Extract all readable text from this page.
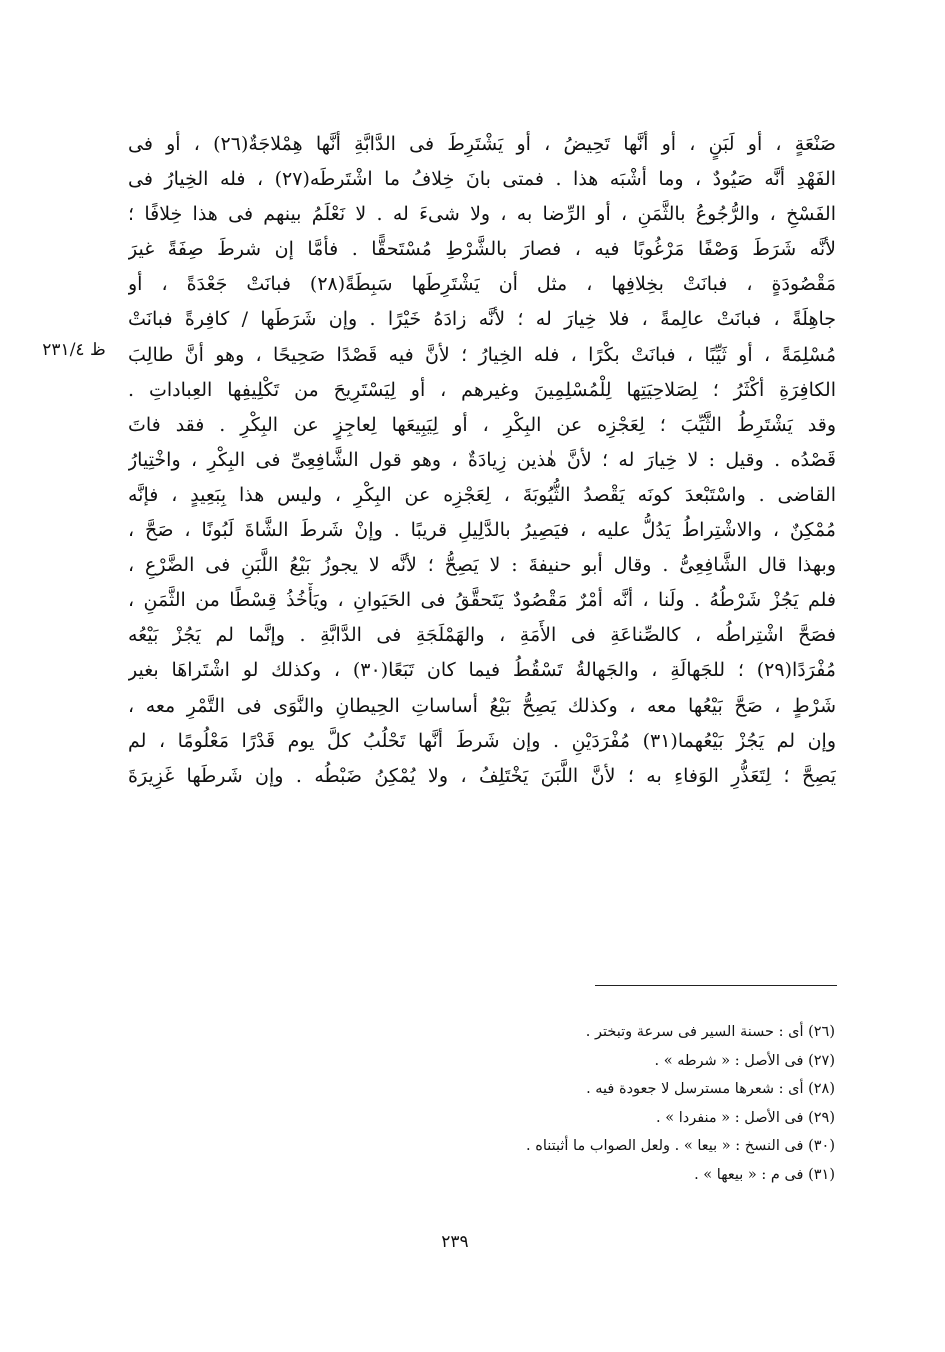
صَنْعَةٍ ، أو لَبَنٍ ، أو أنَّها تَحِيضُ ، أو يَشْتَرِطَ فى الدَّابَّةِ أنَّها هِمْلاجَةٌ(٢٦) ، أو فى
الفَهْدِ أنَّه صَيُودٌ ، وما أشْبَه هذا . فمتى بانَ خِلافُ ما اشْتَرطَه(٢٧) ، فله الخِيارُ فى
الفَسْخِ ، والرُّجُوعُ بالثَّمَنِ ، أو الرِّضا به ، ولا شىءَ له . لا نَعْلَمُ بينهم فى هذا خِلافًا ؛
لأنَّه شَرَطَ وَصْفًا مَرْغُوبًا فيه ، فصارَ بالشَّرْطِ مُسْتَحقًّا . فأمَّا إن شرطَ صِفَةً غيرَ
مَقْصُودَةٍ ، فبانَتْ بخِلافِها ، مثل أن يَشْتَرِطَها سَبِطَةً(٢٨) فبانَتْ جَعْدَةً ، أو
جاهِلَةً ، فبانَتْ عالِمةً ، فلا خِيارَ له ؛ لأنَّه زادَهُ خَيْرًا . وإن شَرَطَها / كافِرةً فبانَتْ
مُسْلِمَةً ، أو ثَيِّبًا ، فبانَتْ بكْرًا ، فله الخِيارُ ؛ لأنَّ فيه قَصْدًا صَحِيحًا ، وهو أنَّ طالِبَ
الكافِرَةِ أكْثَرُ ؛ لِصَلاحِيَتِها لِلْمُسْلِمِينَ وغيرهم ، أو لِيَسْتَرِيحَ من تَكْلِيفِها العِباداتِ .
وقد يَشْتَرِطُ الثَّيِّبَ ؛ لِعَجْزِه عن البِكْرِ ، أو لِيَبِيعَها لِعاجِزٍ عن البِكْرِ . فقد فاتَ
قَصْدُه . وقيل : لا خِيارَ له ؛ لأنَّ هٰذين زِيادَةٌ ، وهو قول الشَّافِعِىِّ فى البِكْرِ ، واخْتِيارُ
القاضى . واسْتَبْعدَ كونَه يَقْصدُ الثُّيُوبَةَ ، لِعَجْزِه عن البِكْرِ ، وليس هذا بِبَعِيدٍ ، فإنَّه
مُمْكِنٌ ، والاشْتِراطُ يَدُلُّ عليه ، فيَصِيرُ بالدَّلِيلِ قريبًا . وإنْ شَرطَ الشَّاةَ لَبُونًا ، صَحَّ ،
وبهذا قال الشَّافِعِىُّ . وقال أبو حنيفةَ : لا يَصِحُّ ؛ لأنَّه لا يجوزُ بَيْعُ اللَّبَنِ فى الضَّرْعِ ،
فلم يَجُزْ شَرْطُهُ . ولَنا ، أنَّه أمْرٌ مَقْصُودٌ يَتَحقَّقُ فى الحَيَوانِ ، ويَأْخُذُ قِسْطًا من الثَّمَنِ ،
فصَحَّ اشْتِراطُه ، كالصِّناعَةِ فى الأَمَةِ ، والهَمْلَجَةِ فى الدَّابَّةِ . وإنَّما لم يَجُزْ بَيْعُه
مُفْرَدًا(٢٩) ؛ للجَهالَةِ ، والجَهالةُ تَسْقُطُ فيما كان تَبَعًا(٣٠) ، وكذلك لو اشْتَراهَا بغير
شَرْطٍ ، صَحَّ بَيْعُها معه ، وكذلك يَصِحُّ بَيْعُ أساساتِ الحِيطانِ والنَّوَى فى التَّمْرِ معه ،
وإن لم يَجُزْ بَيْعُهما(٣١) مُفْرَدَيْنِ . وإن شَرطَ أنَّها تَحْلُبُ كلَّ يوم قَدْرًا مَعْلُومًا ، لم
يَصِحَّ ؛ لِتَعَذُّرِ الوَفاءِ به ؛ لأنَّ اللَّبَنَ يَخْتَلِفُ ، ولا يُمْكِنُ ضَبْطُه . وإن شَرطَها غَزِيرَةَ
ظ ٢٣١/٤
(٢٦) أى : حسنة السير فى سرعة وتبختر .
(٢٧) فى الأصل : « شرطه » .
(٢٨) أى : شعرها مسترسل لا جعودة فيه .
(٢٩) فى الأصل : « منفردا » .
(٣٠) فى النسخ : « بيعا » . ولعل الصواب ما أثبتناه .
(٣١) فى م : « بيعها » .
٢٣٩
